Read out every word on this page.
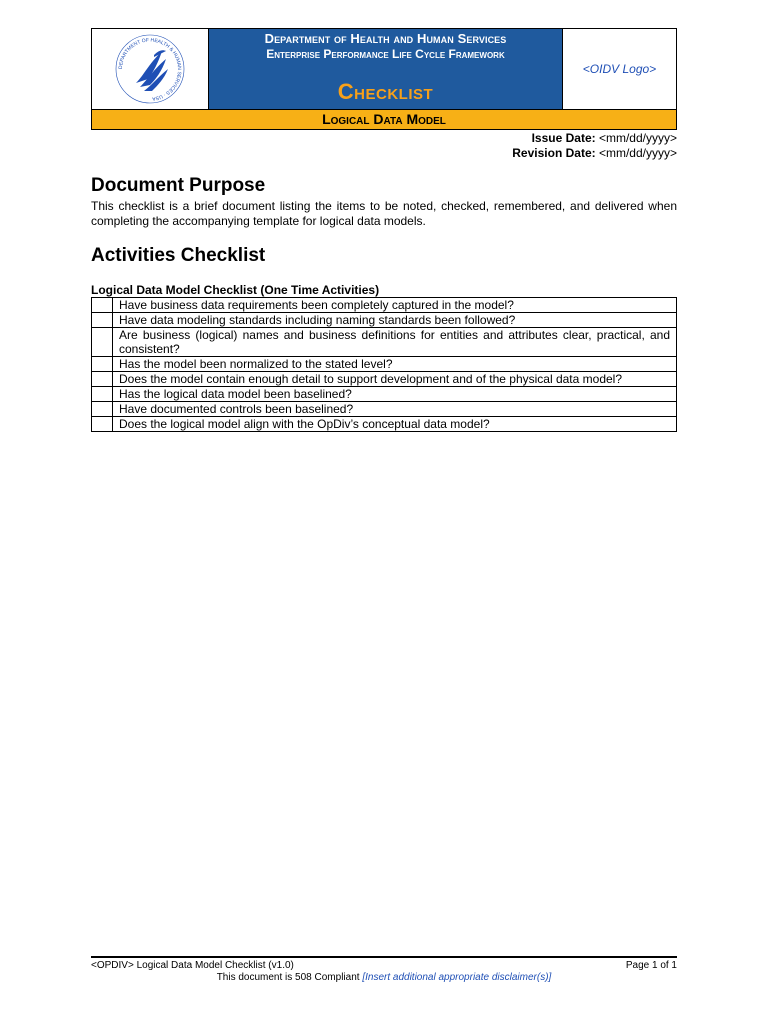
DEPARTMENT OF HEALTH & HUMAN SERVICES · USA
Department of Health and Human Services
Enterprise Performance Life Cycle Framework
Checklist
<OIDV Logo>
Logical Data Model
Issue Date: <mm/dd/yyyy>
Revision Date: <mm/dd/yyyy>
Document Purpose
This checklist is a brief document listing the items to be noted, checked, remembered, and delivered when completing the accompanying template for logical data models.
Activities Checklist
Logical Data Model Checklist (One Time Activities)
	Have business data requirements been completely captured in the model?
	Have data modeling standards including naming standards been followed?
	Are business (logical) names and business definitions for entities and attributes clear, practical, and consistent?
	Has the model been normalized to the stated level?
	Does the model contain enough detail to support development and of the physical data model?
	Has the logical data model been baselined?
	Have documented controls been baselined?
	Does the logical model align with the OpDiv’s conceptual data model?
<OPDIV> Logical Data Model Checklist (v1.0)	Page 1 of 1
This document is 508 Compliant [Insert additional appropriate disclaimer(s)]
